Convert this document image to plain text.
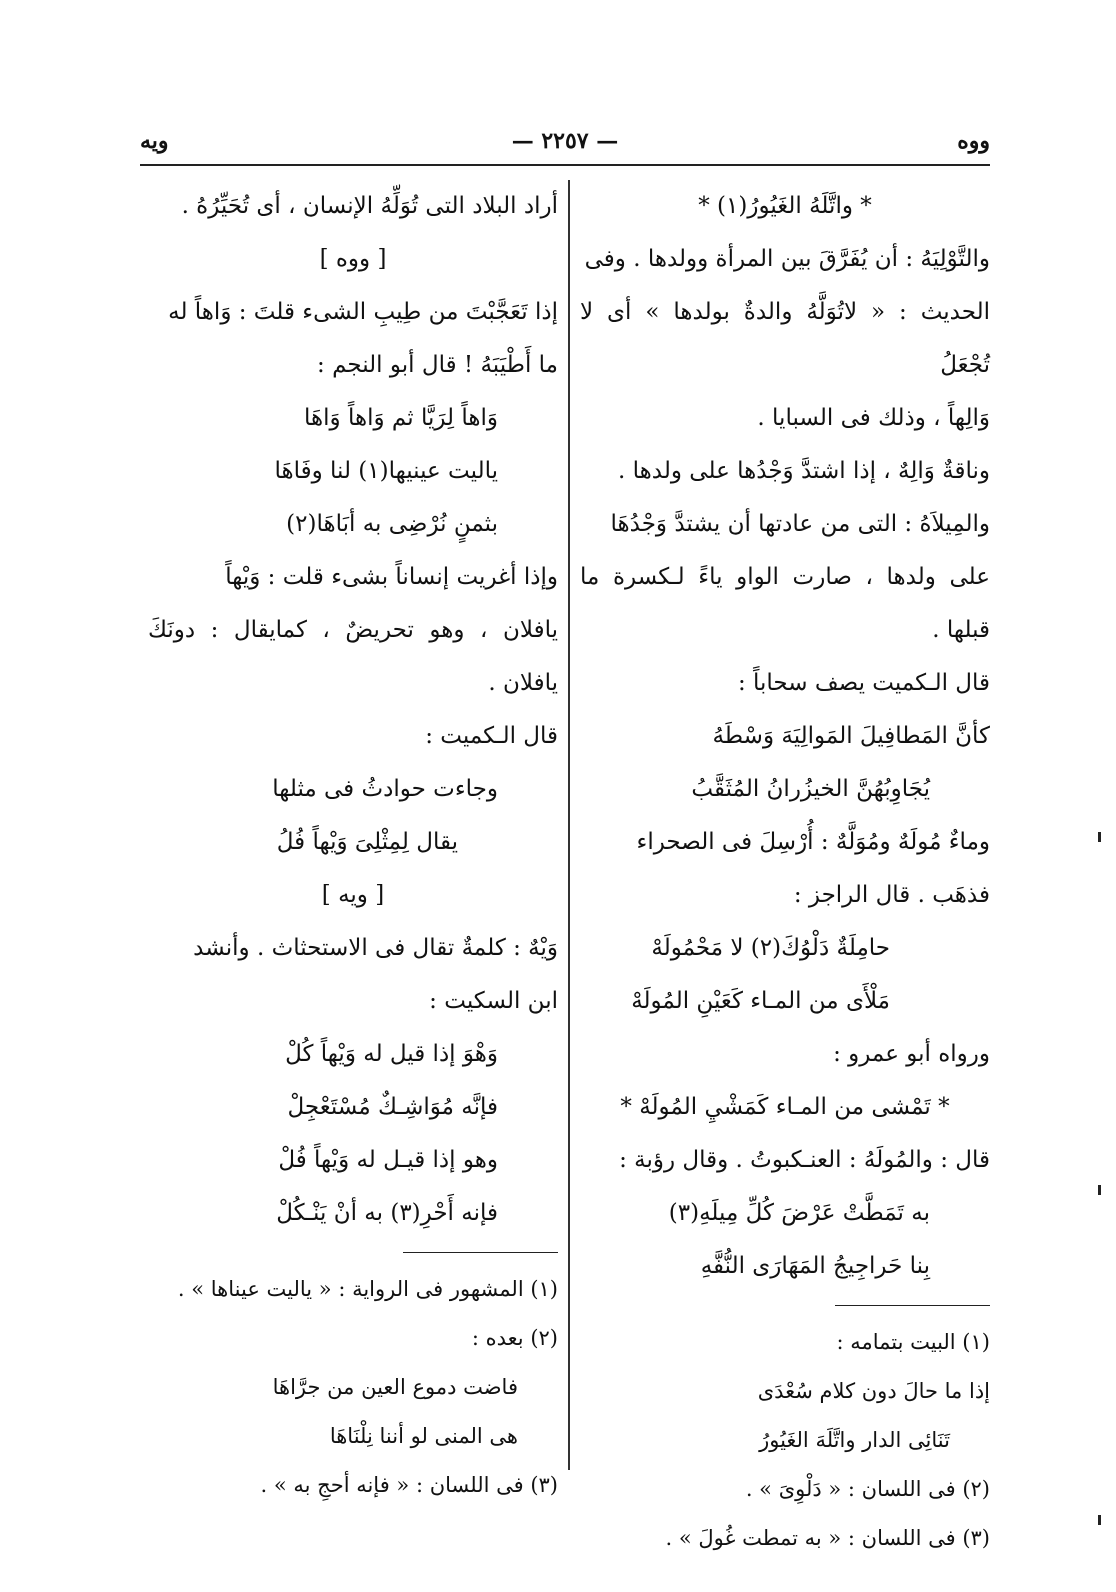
ووه
— ٢٢٥٧ —
ويه

* واتَّلَهُ الغَيُورُ(١) *

والتَّوْلِيَهُ : أن يُفَرَّقَ بين المرأة وولدها . وفى

الحديث : « لاتُوَلَّهُ والدةٌ بولدها » أى لا تُجْعَلُ

وَالِهاً ، وذلك فى السبايا .

وناقةٌ وَالِهٌ ، إذا اشتدَّ وَجْدُها على ولدها .

والمِيلاَهُ : التى من عادتها أن يشتدَّ وَجْدُهَا

على ولدها ، صارت الواو ياءً لـكسرة ما قبلها .

قال الـكميت يصف سحاباً :

كأنَّ المَطافِيلَ المَوالِيَهَ وَسْطَهُ

يُجَاوِبُهُنَّ الخيزُرانُ المُثَقَّبُ

وماءٌ مُولَهٌ ومُوَلَّهٌ : أُرْسِلَ فى الصحراء

فذهَب . قال الراجز :

حامِلَةٌ دَلْوُكَ(٢) لا مَحْمُولَهْ

مَلْأَى من المـاء كَعَيْنِ المُولَهْ

ورواه أبو عمرو :

* تَمْشى من المـاء كَمَشْيِ المُولَهْ *

قال : والمُولَهُ : العنـكبوتُ . وقال رؤبة :

به تَمَطَّتْ عَرْضَ كُلِّ مِيلَهِ(٣)

بِنا حَراجِيجُ المَهَارَى النُّفَّهِ

(١) البيت بتمامه :

إذا ما حالَ دون كلام سُعْدَى

تَنَائِى الدار واتَّلَهَ الغَيُورُ

(٢) فى اللسان : « دَلْوِىَ » .

(٣) فى اللسان : « به تمطت غُولَ » .

أراد البلاد التى تُوَلِّهُ الإنسان ، أى تُحَيِّرُهُ .

[ ووه ]

إذا تَعَجَّبْتَ من طِيبِ الشىء قلتَ : وَاهاً له

ما أَطْيَبَهُ ! قال أبو النجم :

وَاهاً لِرَيَّا ثم وَاهاً وَاهَا

ياليت عينيها(١) لنا وفَاهَا

بثمنٍ نُرْضِى به أبَاهَا(٢)

وإذا أغريت إنساناً بشىء قلت : وَيْهاً

يافلان ، وهو تحريضٌ ، كمايقال : دونَكَ يافلان .

قال الـكميت :

وجاءت حوادثُ فى مثلها

يقال لِمِثْلِىَ وَيْهاً فُلُ

[ ويه ]

وَيْهٌ : كلمةٌ تقال فى الاستحثاث . وأنشد

ابن السكيت :

وَهْوَ إذا قيل له وَيْهاً كُلْ

فإنَّه مُوَاشِـكٌ مُسْتَعْجِلْ

وهو إذا قيـل له وَيْهاً فُلْ

فإنه أَحْرِ(٣) به أنْ يَنْـكُلْ

(١) المشهور فى الرواية : « ياليت عيناها » .

(٢) بعده :

فاضت دموع العين من جرَّاهَا

هى المنى لو أننا نِلْنَاهَا

(٣) فى اللسان : « فإنه أحجِ به » .
